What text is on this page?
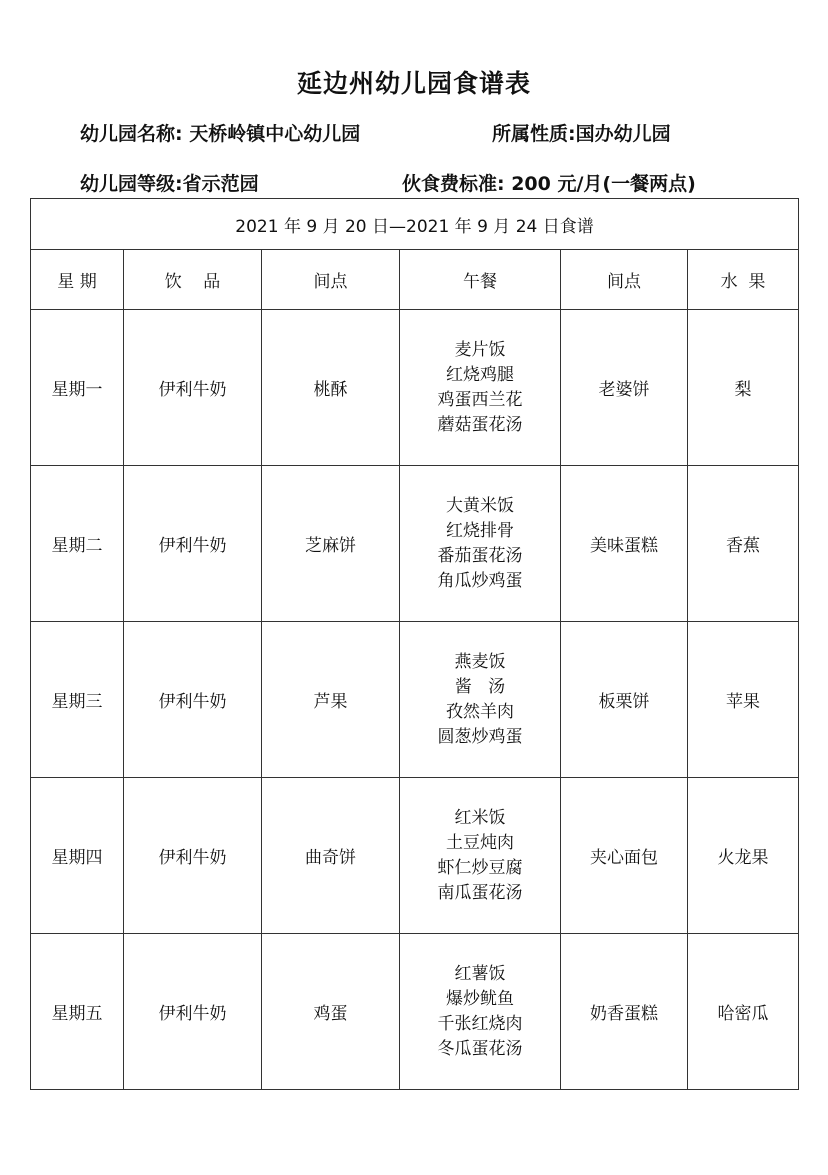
延边州幼儿园食谱表
幼儿园名称: 天桥岭镇中心幼儿园	所属性质:国办幼儿园
幼儿园等级:省示范园	伙食费标准: 200 元/月(一餐两点)
2021 年 9 月 20 日—2021 年 9 月 24 日食谱					
星 期	饮    品	间点	午餐	间点	水  果
星期一	伊利牛奶	桃酥	麦片饭
红烧鸡腿
鸡蛋西兰花
蘑菇蛋花汤	老婆饼	梨
星期二	伊利牛奶	芝麻饼	大黄米饭
红烧排骨
番茄蛋花汤
角瓜炒鸡蛋	美味蛋糕	香蕉
星期三	伊利牛奶	芦果	燕麦饭
酱   汤
孜然羊肉
圆葱炒鸡蛋	板栗饼	苹果
星期四	伊利牛奶	曲奇饼	红米饭
土豆炖肉
虾仁炒豆腐
南瓜蛋花汤	夹心面包	火龙果
星期五	伊利牛奶	鸡蛋	红薯饭
爆炒鱿鱼
千张红烧肉
冬瓜蛋花汤	奶香蛋糕	哈密瓜
